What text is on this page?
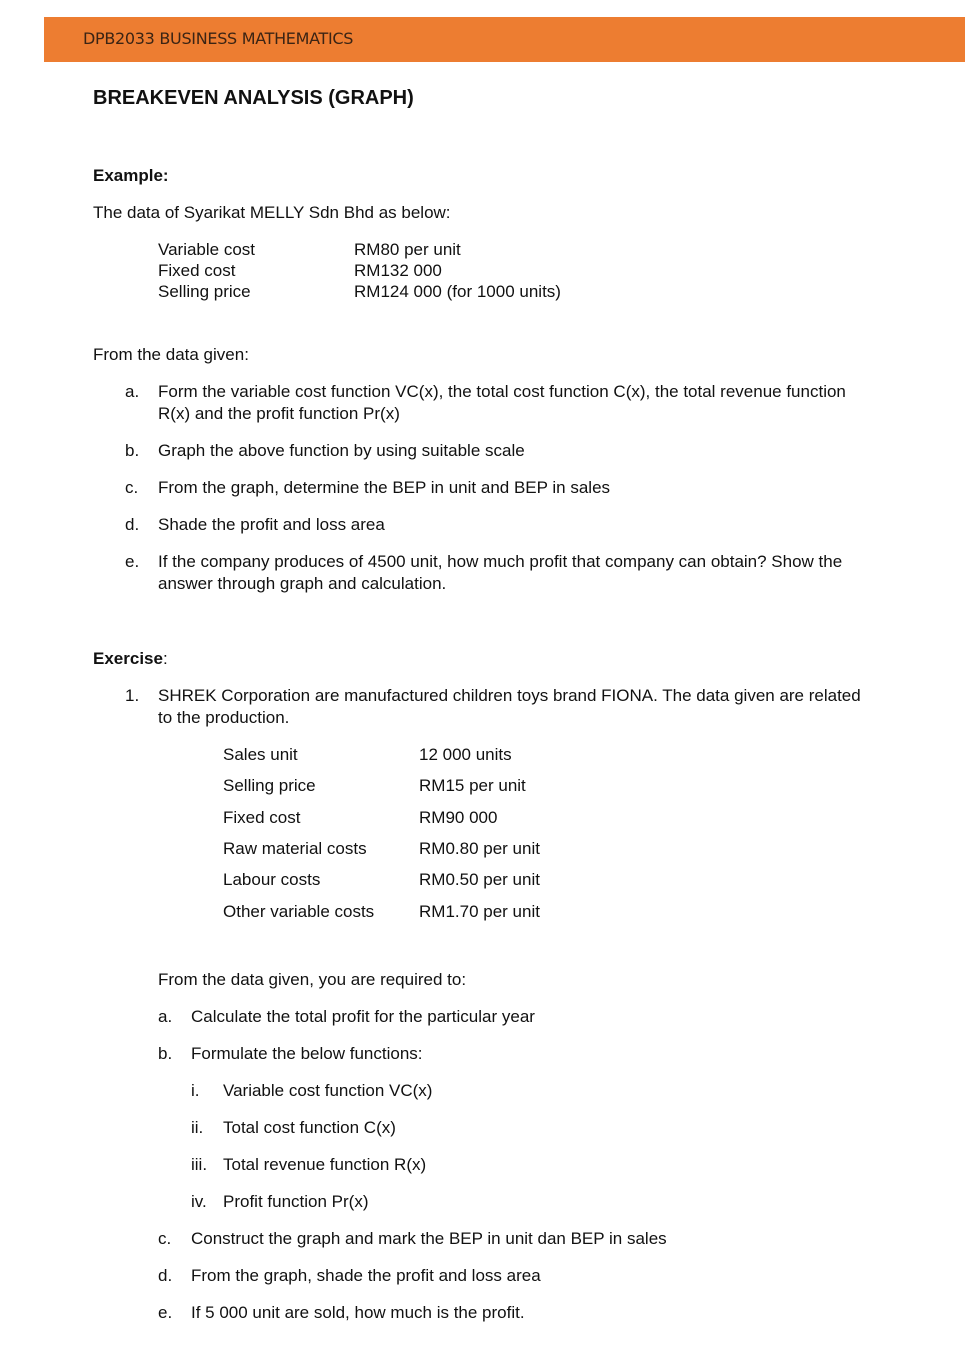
DPB2033 BUSINESS MATHEMATICS
BREAKEVEN ANALYSIS (GRAPH)
Example:
The data of Syarikat MELLY Sdn Bhd as below:
Variable cost	RM80 per unit
Fixed cost	RM132 000
Selling price	RM124 000 (for 1000 units)
From the data given:
a. Form the variable cost function VC(x), the total cost function C(x), the total revenue function
R(x) and the profit function Pr(x)
b. Graph the above function by using suitable scale
c. From the graph, determine the BEP in unit and BEP in sales
d. Shade the profit and loss area
e. If the company produces of 4500 unit, how much profit that company can obtain? Show the
answer through graph and calculation.
Exercise:
1. SHREK Corporation are manufactured children toys brand FIONA. The data given are related
to the production.
Sales unit	12 000 units
Selling price	RM15 per unit
Fixed cost	RM90 000
Raw material costs	RM0.80 per unit
Labour costs	RM0.50 per unit
Other variable costs	RM1.70 per unit
From the data given, you are required to:
a. Calculate the total profit for the particular year
b. Formulate the below functions:
i. Variable cost function VC(x)
ii. Total cost function C(x)
iii. Total revenue function R(x)
iv. Profit function Pr(x)
c. Construct the graph and mark the BEP in unit dan BEP in sales
d. From the graph, shade the profit and loss area
e. If 5 000 unit are sold, how much is the profit.
